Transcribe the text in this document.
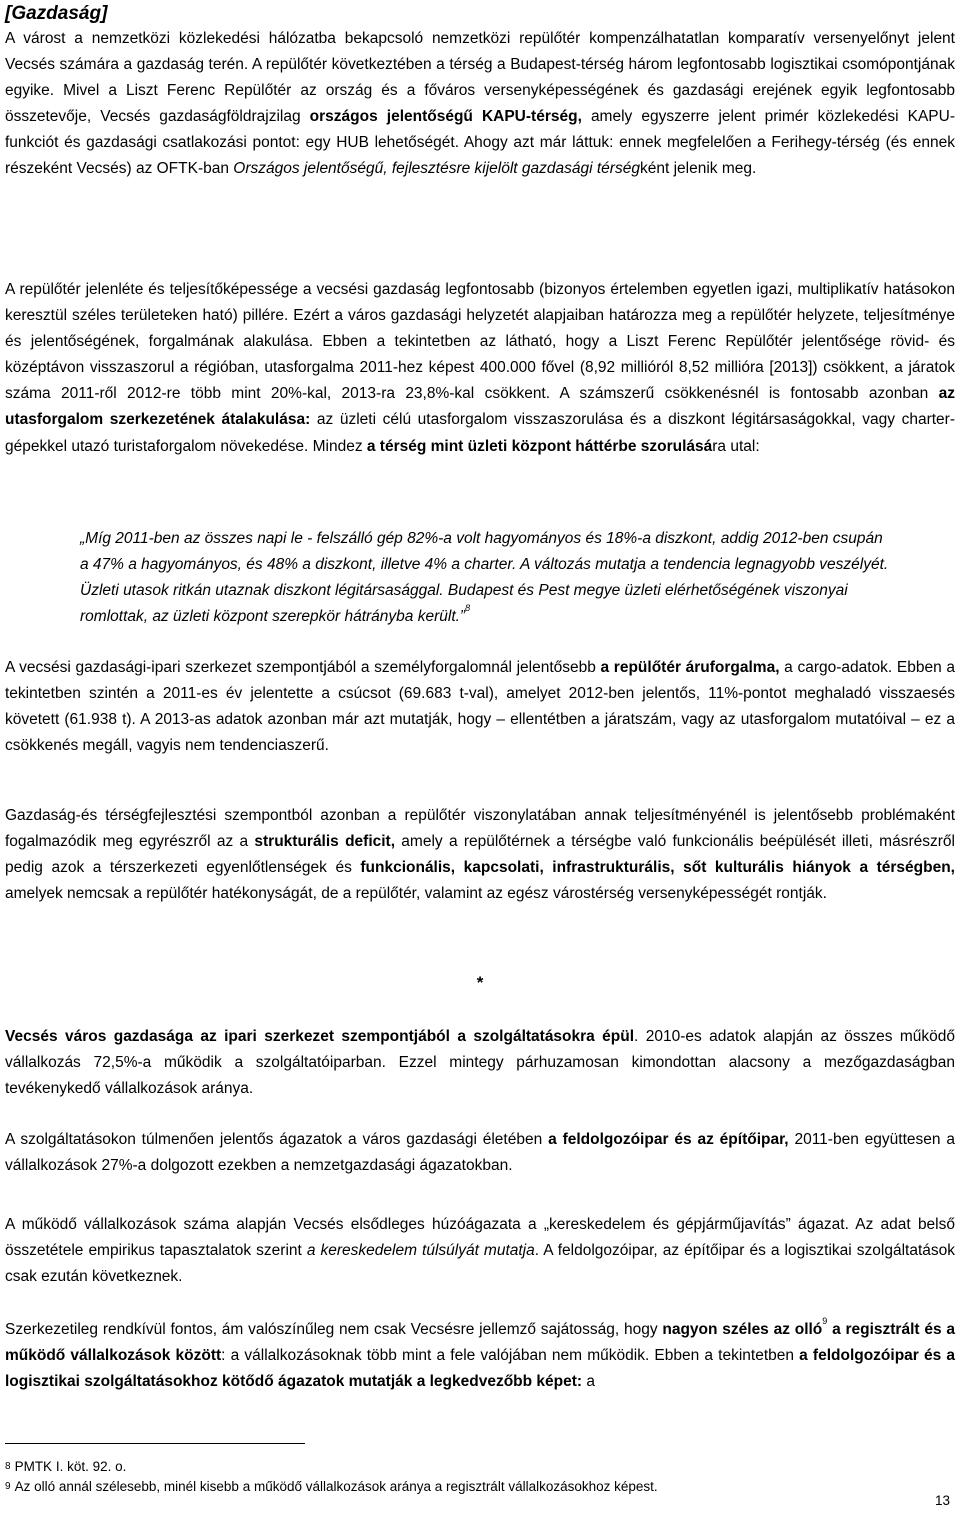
[Gazdaság]

A várost a nemzetközi közlekedési hálózatba bekapcsoló nemzetközi repülőtér kompenzálhatatlan komparatív versenyelőnyt jelent Vecsés számára a gazdaság terén. A repülőtér következtében a térség a Budapest-térség három legfontosabb logisztikai csomópontjának egyike. Mivel a Liszt Ferenc Repülőtér az ország és a főváros versenyképességének és gazdasági erejének egyik legfontosabb összetevője, Vecsés gazdaságföldrajzilag országos jelentőségű KAPU-térség, amely egyszerre jelent primér közlekedési KAPU-funkciót és gazdasági csatlakozási pontot: egy HUB lehetőségét. Ahogy azt már láttuk: ennek megfelelően a Ferihegy-térség (és ennek részeként Vecsés) az OFTK-ban Országos jelentőségű, fejlesztésre kijelölt gazdasági térségként jelenik meg.

A repülőtér jelenléte és teljesítőképessége a vecsési gazdaság legfontosabb (bizonyos értelemben egyetlen igazi, multiplikatív hatásokon keresztül széles területeken ható) pillére. Ezért a város gazdasági helyzetét alapjaiban határozza meg a repülőtér helyzete, teljesítménye és jelentőségének, forgalmának alakulása. Ebben a tekintetben az látható, hogy a Liszt Ferenc Repülőtér jelentősége rövid- és középtávon visszaszorul a régióban, utasforgalma 2011-hez képest 400.000 fővel (8,92 millióról 8,52 millióra [2013]) csökkent, a járatok száma 2011-ről 2012-re több mint 20%-kal, 2013-ra 23,8%-kal csökkent. A számszerű csökkenésnél is fontosabb azonban az utasforgalom szerkezetének átalakulása: az üzleti célú utasforgalom visszaszorulása és a diszkont légitársaságokkal, vagy charter-gépekkel utazó turistaforgalom növekedése. Mindez a térség mint üzleti központ háttérbe szorulására utal:

„Míg 2011-ben az összes napi le - felszálló gép 82%-a volt hagyományos és 18%-a diszkont, addig 2012-ben csupán a 47% a hagyományos, és 48% a diszkont, illetve 4% a charter. A változás mutatja a tendencia legnagyobb veszélyét. Üzleti utasok ritkán utaznak diszkont légitársasággal. Budapest és Pest megye üzleti elérhetőségének viszonyai romlottak, az üzleti központ szerepkör hátrányba került.”$^8$

A vecsési gazdasági-ipari szerkezet szempontjából a személyforgalomnál jelentősebb a repülőtér áruforgalma, a cargo-adatok. Ebben a tekintetben szintén a 2011-es év jelentette a csúcsot (69.683 t-val), amelyet 2012-ben jelentős, 11%-pontot meghaladó visszaesés követett (61.938 t). A 2013-as adatok azonban már azt mutatják, hogy – ellentétben a járatszám, vagy az utasforgalom mutatóival – ez a csökkenés megáll, vagyis nem tendenciaszerű.

Gazdaság-és térségfejlesztési szempontból azonban a repülőtér viszonylatában annak teljesítményénél is jelentősebb problémaként fogalmazódik meg egyrészről az a strukturális deficit, amely a repülőtérnek a térségbe való funkcionális beépülését illeti, másrészről pedig azok a térszerkezeti egyenlőtlenségek és funkcionális, kapcsolati, infrastrukturális, sőt kulturális hiányok a térségben, amelyek nemcsak a repülőtér hatékonyságát, de a repülőtér, valamint az egész várostérség versenyképességét rontják.

*

Vecsés város gazdasága az ipari szerkezet szempontjából a szolgáltatásokra épül. 2010-es adatok alapján az összes működő vállalkozás 72,5%-a működik a szolgáltatóiparban. Ezzel mintegy párhuzamosan kimondottan alacsony a mezőgazdaságban tevékenykedő vállalkozások aránya.

A szolgáltatásokon túlmenően jelentős ágazatok a város gazdasági életében a feldolgozóipar és az építőipar, 2011-ben együttesen a vállalkozások 27%-a dolgozott ezekben a nemzetgazdasági ágazatokban.

A működő vállalkozások száma alapján Vecsés elsődleges húzóágazata a „kereskedelem és gépjárműjavítás” ágazat. Az adat belső összetétele empirikus tapasztalatok szerint a kereskedelem túlsúlyát mutatja. A feldolgozóipar, az építőipar és a logisztikai szolgáltatások csak ezután következnek.

Szerkezetileg rendkívül fontos, ám valószínűleg nem csak Vecsésre jellemző sajátosság, hogy nagyon széles az olló$^9$ a regisztrált és a működő vállalkozások között: a vállalkozásoknak több mint a fele valójában nem működik. Ebben a tekintetben a feldolgozóipar és a logisztikai szolgáltatásokhoz kötődő ágazatok mutatják a legkedvezőbb képet: a

$^8$ PMTK I. köt. 92. o.

$^9$ Az olló annál szélesebb, minél kisebb a működő vállalkozások aránya a regisztrált vállalkozásokhoz képest.

13
